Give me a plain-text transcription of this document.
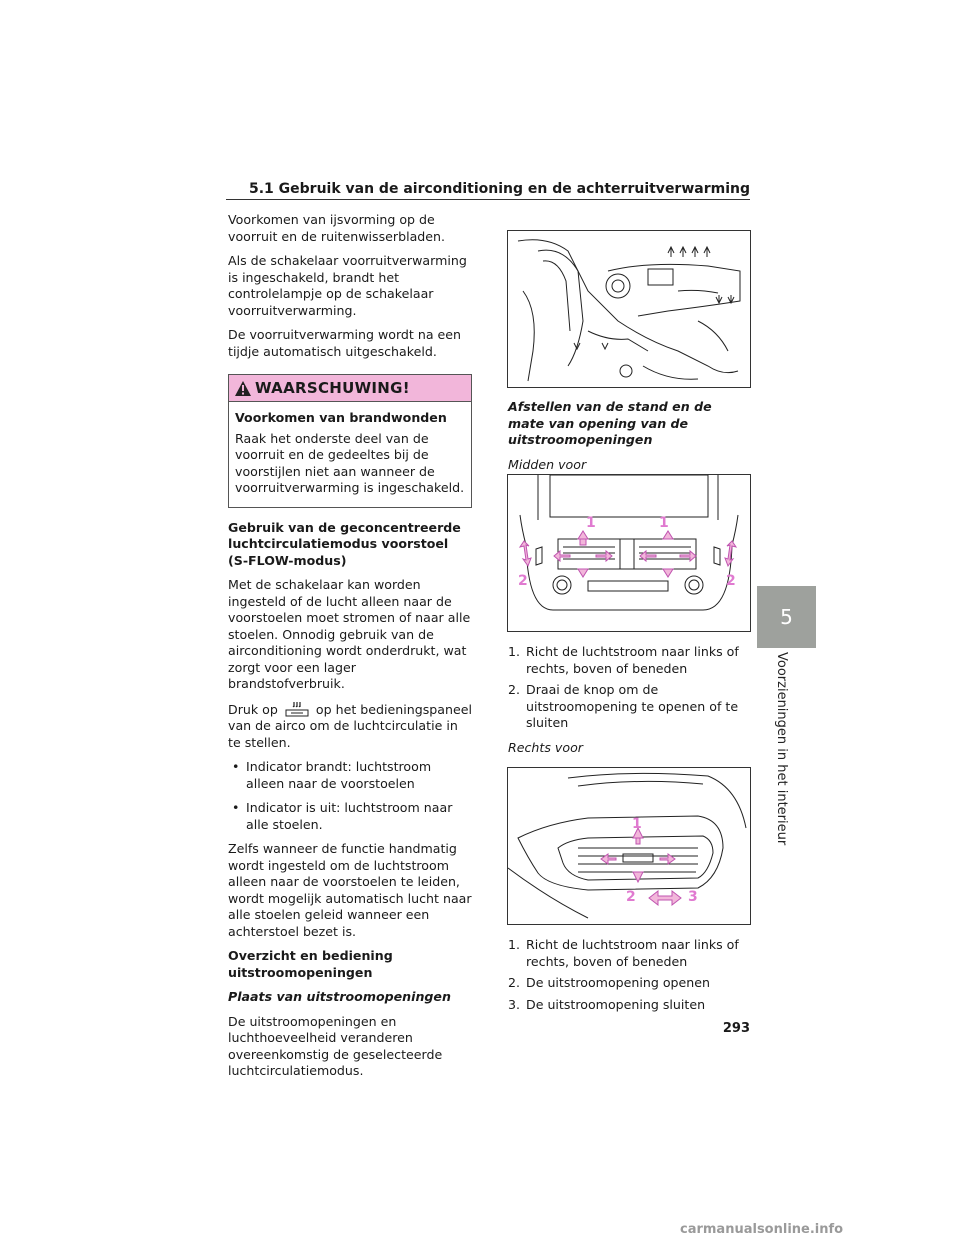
5.1 Gebruik van de airconditioning en de achterruitverwarming

Voorkomen van ijsvorming op de voorruit en de ruitenwisserbladen.

Als de schakelaar voorruitverwarming is ingeschakeld, brandt het controlelampje op de schakelaar voorruitverwarming.

De voorruitverwarming wordt na een tijdje automatisch uitgeschakeld.

WAARSCHUWING!

Voorkomen van brandwonden

Raak het onderste deel van de voorruit en de gedeeltes bij de voorstijlen niet aan wanneer de voorruitverwarming is ingeschakeld.

Gebruik van de geconcentreerde luchtcirculatiemodus voorstoel (S-FLOW-modus)

Met de schakelaar kan worden ingesteld of de lucht alleen naar de voorstoelen moet stromen of naar alle stoelen. Onnodig gebruik van de airconditioning wordt onderdrukt, wat zorgt voor een lager brandstofverbruik.

Druk op	op het bedieningspaneel van de airco om de luchtcirculatie in te stellen.

• Indicator brandt: luchtstroom alleen naar de voorstoelen
• Indicator is uit: luchtstroom naar alle stoelen.

Zelfs wanneer de functie handmatig wordt ingesteld om de luchtstroom alleen naar de voorstoelen te leiden, wordt mogelijk automatisch lucht naar alle stoelen geleid wanneer een achterstoel bezet is.

Overzicht en bediening uitstroomopeningen

Plaats van uitstroomopeningen

De uitstroomopeningen en luchthoeveelheid veranderen overeenkomstig de geselecteerde luchtcirculatiemodus.

1	1
2	2

Afstellen van de stand en de mate van opening van de uitstroomopeningen

Midden voor

1. Richt de luchtstroom naar links of rechts, boven of beneden
2. Draai de knop om de uitstroomopening te openen of te sluiten

Rechts voor

1
2	3
1. Richt de luchtstroom naar links of rechts, boven of beneden
2. De uitstroomopening openen
3. De uitstroomopening sluiten
5
Voorzieningen in het interieur
293
carmanualsonline.info
